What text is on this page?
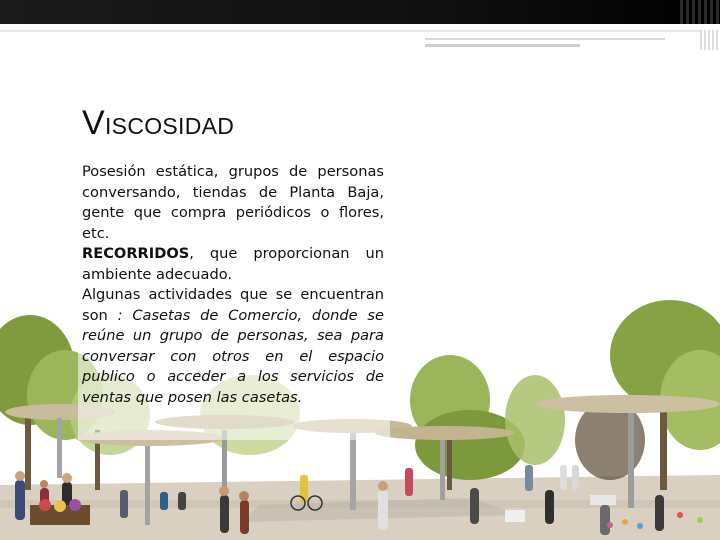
VISCOSIDAD

Posesión estática, grupos de personas conversando, tiendas de Planta Baja, gente que compra periódicos o flores, etc.

RECORRIDOS, que proporcionan un ambiente adecuado.

Algunas actividades que se encuentran son : Casetas de Comercio, donde se reúne un grupo de personas, sea para conversar con otros en el espacio publico o acceder a los servicios de ventas que posen las casetas.
